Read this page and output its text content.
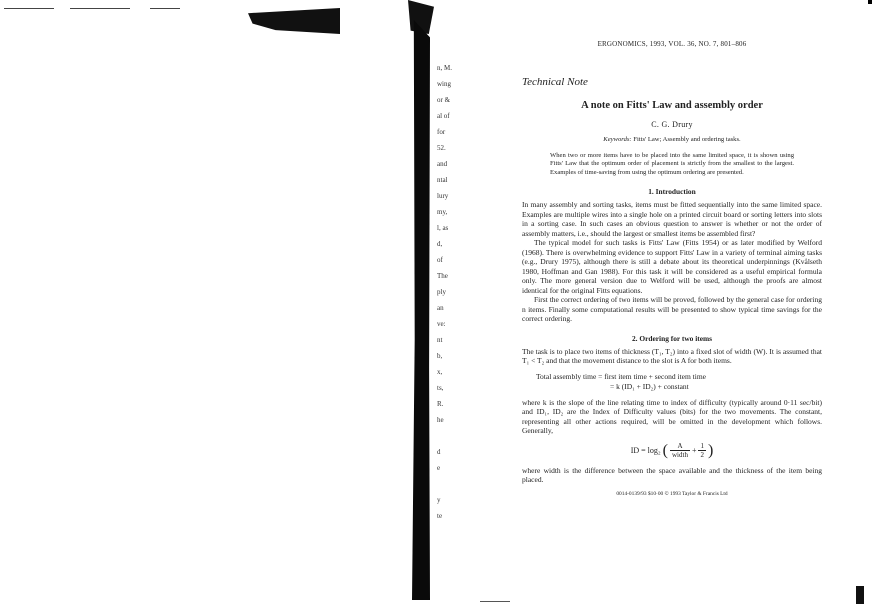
n, M.
wing
or &
al of
for
52.
and
ntal
lury
my,
l, as
d,
of
The
ply
an
ve:
nt
b,
x,
ts,
R.
he
d
e
y
te
ERGONOMICS, 1993, VOL. 36, NO. 7, 801–806
Technical Note
A note on Fitts' Law and assembly order
C. G. Drury
Keywords: Fitts' Law; Assembly and ordering tasks.
When two or more items have to be placed into the same limited space, it is shown using Fitts' Law that the optimum order of placement is strictly from the smallest to the largest. Examples of time-saving from using the optimum ordering are presented.
1. Introduction

In many assembly and sorting tasks, items must be fitted sequentially into the same limited space. Examples are multiple wires into a single hole on a printed circuit board or sorting letters into slots in a sorting case. In such cases an obvious question to answer is whether or not the order of assembly matters, i.e., should the largest or smallest items be assembled first?

The typical model for such tasks is Fitts' Law (Fitts 1954) or as later modified by Welford (1968). There is overwhelming evidence to support Fitts' Law in a variety of terminal aiming tasks (e.g., Drury 1975), although there is still a debate about its theoretical underpinnings (Kvålseth 1980, Hoffman and Gan 1988). For this task it will be considered as a useful empirical formula only. The more general version due to Welford will be used, although the proofs are almost identical for the original Fitts equations.

First the correct ordering of two items will be proved, followed by the general case for ordering n items. Finally some computational results will be presented to show typical time savings for the correct ordering.

2. Ordering for two items

The task is to place two items of thickness (T₁, T₂) into a fixed slot of width (W). It is assumed that T₁ < T₂ and that the movement distance to the slot is A for both items.

Total assembly time = first item time + second item time
= k (ID₁ + ID₂) + constant

where k is the slope of the line relating time to index of difficulty (typically around 0·11 sec/bit) and ID₁, ID₂ are the Index of Difficulty values (bits) for the two movements. The constant, representing all other actions required, will be omitted in the development which follows. Generally,

ID = log₂ ( $\frac{A}{\text{width}} + \frac{1}{2}$ )

where width is the difference between the space available and the thickness of the item being placed.

0014-0139/93 $10·00 © 1993 Taylor & Francis Ltd
